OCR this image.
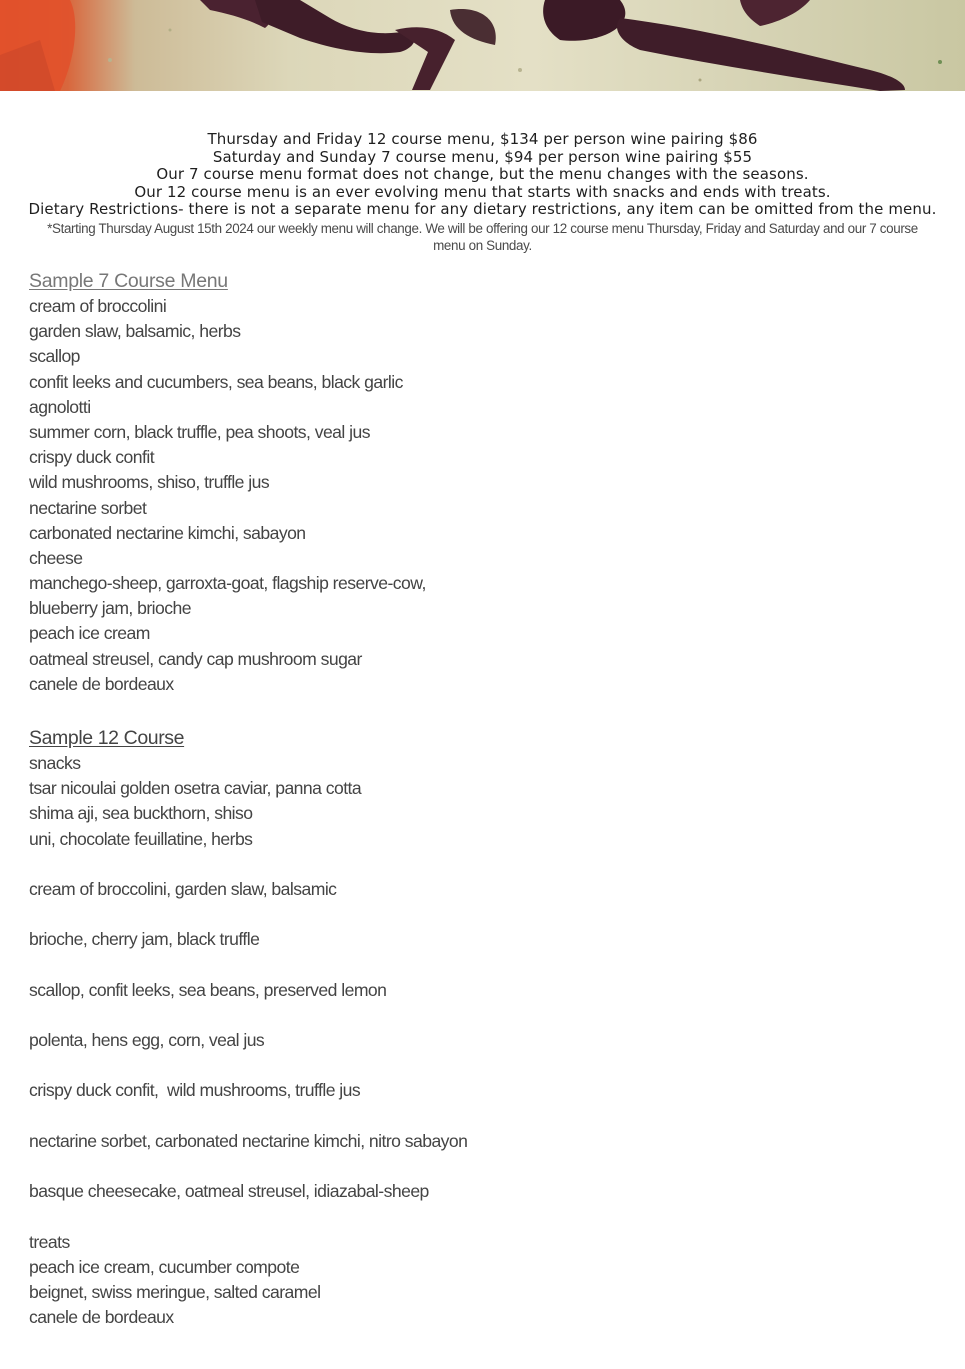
Thursday and Friday 12 course menu, $134 per person wine pairing $86
Saturday and Sunday 7 course menu, $94 per person wine pairing $55
Our 7 course menu format does not change, but the menu changes with the seasons.
Our 12 course menu is an ever evolving menu that starts with snacks and ends with treats.
Dietary Restrictions- there is not a separate menu for any dietary restrictions, any item can be omitted from the menu.
*Starting Thursday August 15th 2024 our weekly menu will change. We will be offering our 12 course menu Thursday, Friday and Saturday and our 7 course menu on Sunday.
Sample 7 Course Menu
cream of broccolini
garden slaw, balsamic, herbs
scallop
confit leeks and cucumbers, sea beans, black garlic
agnolotti
summer corn, black truffle, pea shoots, veal jus
crispy duck confit
wild mushrooms, shiso, truffle jus
nectarine sorbet
carbonated nectarine kimchi, sabayon
cheese
manchego-sheep, garroxta-goat, flagship reserve-cow,
blueberry jam, brioche
peach ice cream
oatmeal streusel, candy cap mushroom sugar
canele de bordeaux
Sample 12 Course
snacks
tsar nicoulai golden osetra caviar, panna cotta
shima aji, sea buckthorn, shiso
uni, chocolate feuillatine, herbs
cream of broccolini, garden slaw, balsamic
brioche, cherry jam, black truffle
scallop, confit leeks, sea beans, preserved lemon
polenta, hens egg, corn, veal jus
crispy duck confit,  wild mushrooms, truffle jus
nectarine sorbet, carbonated nectarine kimchi, nitro sabayon
basque cheesecake, oatmeal streusel, idiazabal-sheep
treats
peach ice cream, cucumber compote
beignet, swiss meringue, salted caramel
canele de bordeaux
